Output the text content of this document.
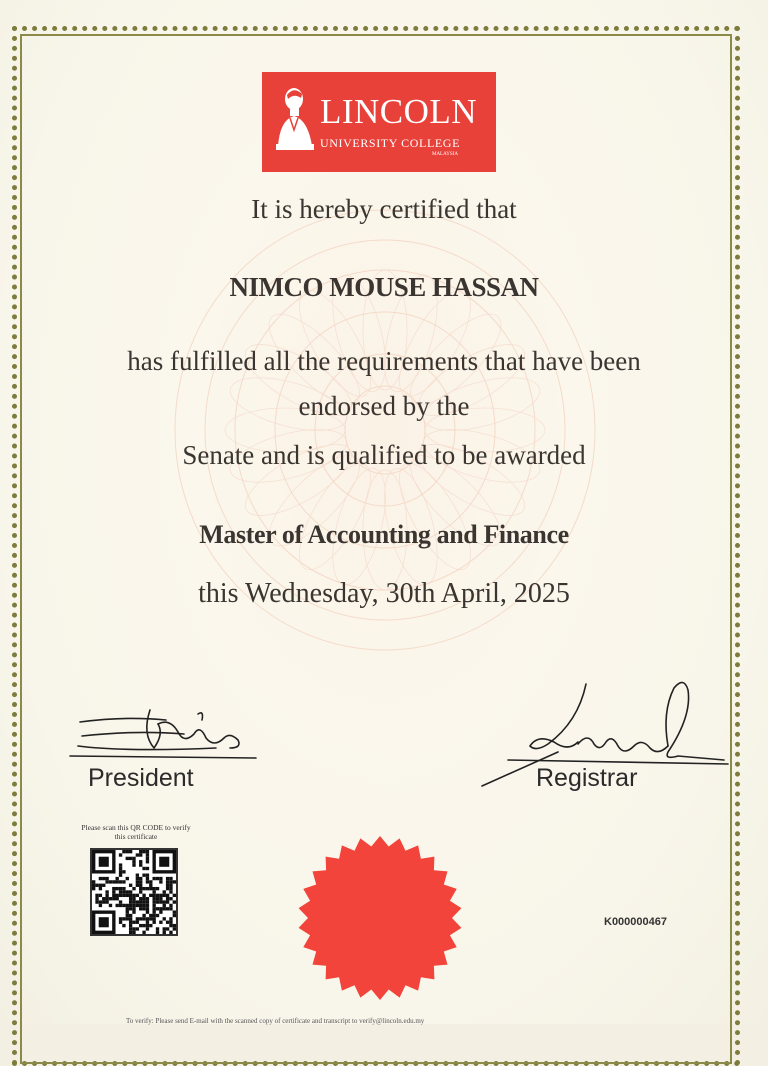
LINCOLN
UNIVERSITY COLLEGE
MALAYSIA
It is hereby certified that
NIMCO MOUSE HASSAN
has fulfilled all the requirements that have been
endorsed by the
Senate and is qualified to be awarded
Master of Accounting and Finance
this Wednesday, 30th April, 2025
President	Registrar
Please scan this QR CODE to verify this certificate
K000000467
To verify: Please send E-mail with the scanned copy of certificate and transcript to verify@lincoln.edu.my
